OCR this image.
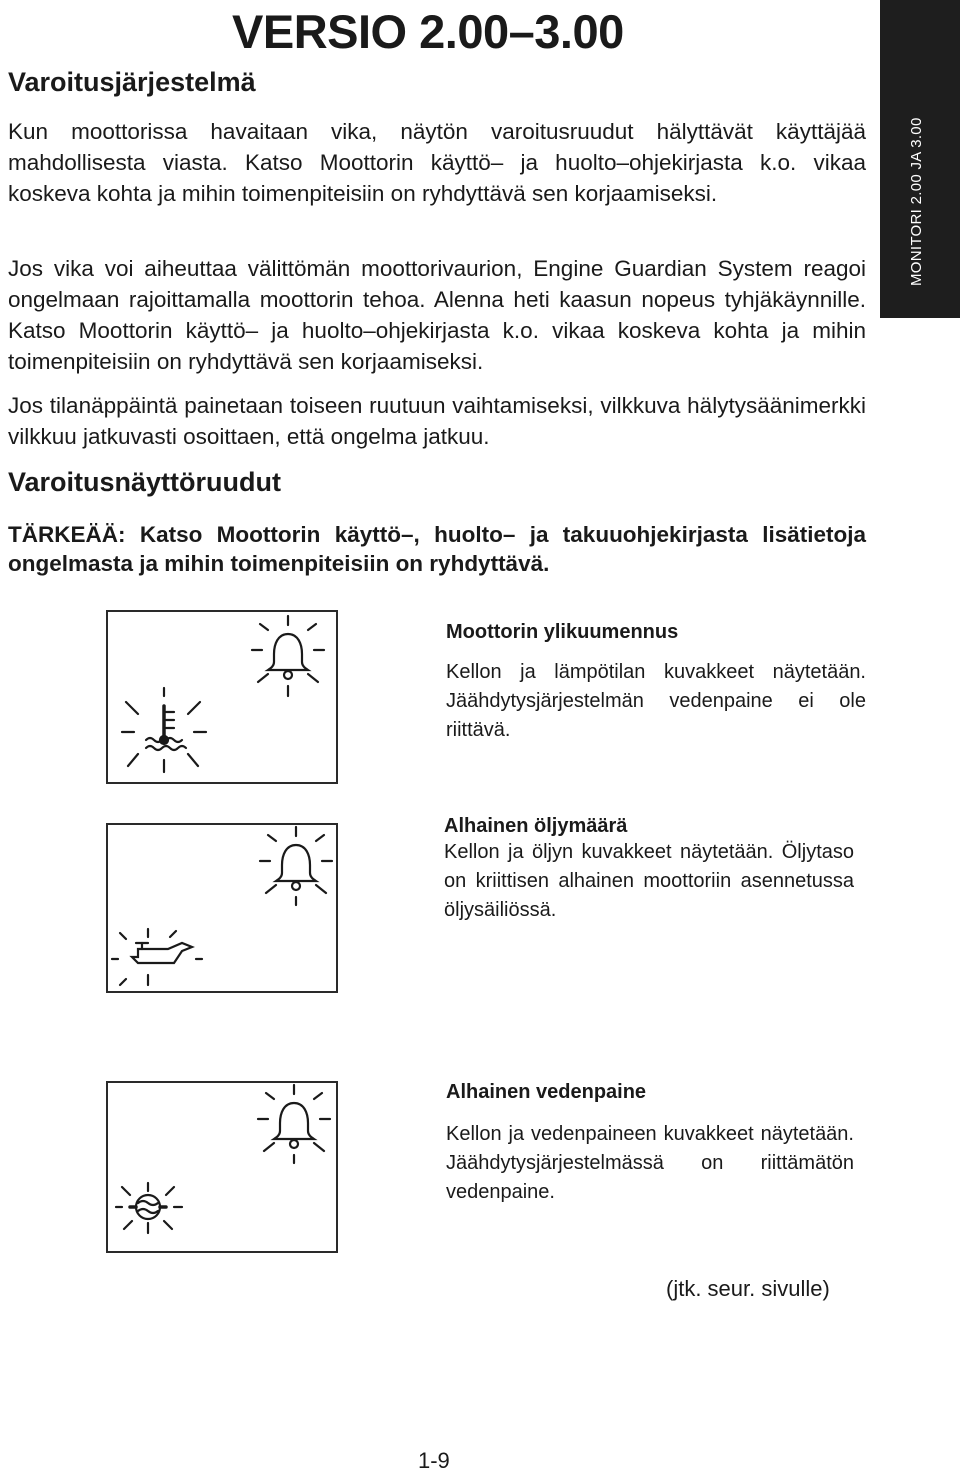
VERSIO 2.00–3.00
MONITORI 2.00 JA 3.00
Varoitusjärjestelmä

Kun moottorissa havaitaan vika, näytön varoitusruudut hälyttävät käyttäjää mahdollisesta viasta. Katso Moottorin käyttö– ja huolto–ohjekirjasta k.o. vikaa koskeva kohta ja mihin toimenpiteisiin on ryhdyttävä sen korjaamiseksi.

Jos vika voi aiheuttaa välittömän moottorivaurion, Engine Guardian System reagoi ongelmaan rajoittamalla moottorin tehoa. Alenna heti kaasun nopeus tyhjäkäynnille. Katso Moottorin käyttö– ja huolto–ohjekirjasta k.o. vikaa koskeva kohta ja mihin toimenpiteisiin on ryhdyttävä sen korjaamiseksi.

Jos tilanäppäintä painetaan toiseen ruutuun vaihtamiseksi, vilkkuva hälytysäänimerkki vilkkuu jatkuvasti osoittaen, että ongelma jatkuu.

Varoitusnäyttöruudut

TÄRKEÄÄ: Katso Moottorin käyttö–, huolto– ja takuuohjekirjasta lisätietoja ongelmasta ja mihin toimenpiteisiin on ryhdyttävä.

Moottorin ylikuumennus

Kellon ja lämpötilan kuvakkeet näytetään. Jäähdytysjärjestelmän vedenpaine ei ole riittävä.

Alhainen öljymäärä

Kellon ja öljyn kuvakkeet näytetään. Öljytaso on kriittisen alhainen moottoriin asennetussa öljysäiliössä.

Alhainen vedenpaine

Kellon ja vedenpaineen kuvakkeet näytetään. Jäähdytysjärjestelmässä on riittämätön vedenpaine.

(jtk. seur. sivulle)
1-9
